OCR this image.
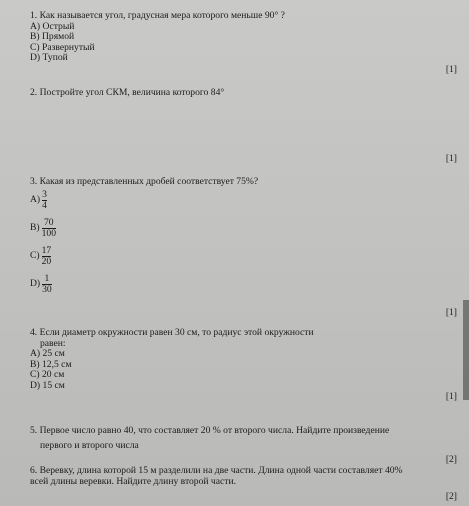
1. Как называется угол, градусная мера которого меньше 90° ?
A) Острый
B) Прямой
C) Развернутый
D) Тупой
[1]
2. Постройте угол СКМ, величина которого 84°
[1]
3. Какая из представленных дробей соответствует 75%?
$A) \frac{3}{4}$
$B) \frac{70}{100}$
$C) \frac{17}{20}$
$D) \frac{1}{30}$
[1]
4. Если диаметр окружности равен 30 см, то радиус этой окружности
равен:
A) 25 см
B) 12,5 см
C) 20 см
D) 15 см
[1]
5. Первое число равно 40, что составляет 20 % от второго числа. Найдите произведение
первого и второго числа
[2]
6. Веревку, длина которой 15 м разделили на две части. Длина одной части составляет 40%
всей длины веревки. Найдите длину второй части.
[2]
